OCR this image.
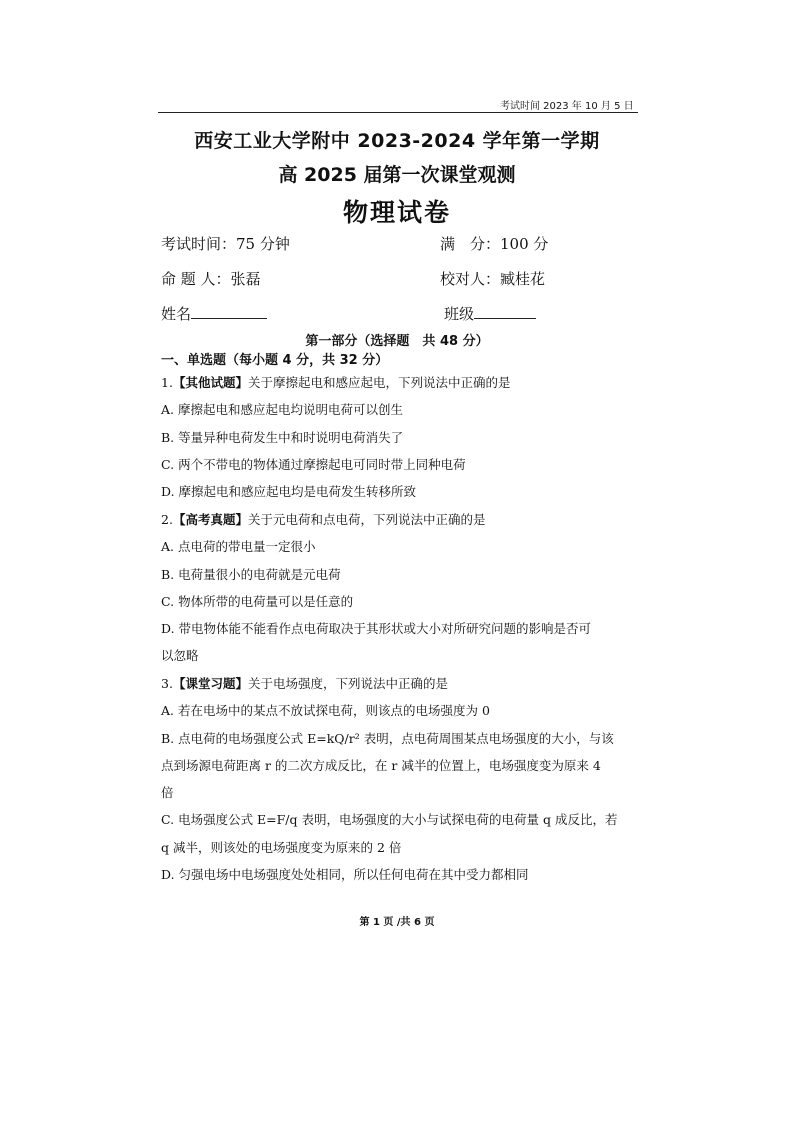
考试时间 2023 年 10 月 5 日
西安工业大学附中 2023-2024 学年第一学期
高 2025 届第一次课堂观测
物理试卷
考试时间：75 分钟	满　分：100 分
命 题 人：张磊	校对人：臧桂花
姓名	班级
第一部分（选择题　共 48 分）
一、单选题（每小题 4 分，共 32 分）
1.【其他试题】关于摩擦起电和感应起电，下列说法中正确的是
A. 摩擦起电和感应起电均说明电荷可以创生
B. 等量异种电荷发生中和时说明电荷消失了
C. 两个不带电的物体通过摩擦起电可同时带上同种电荷
D. 摩擦起电和感应起电均是电荷发生转移所致
2.【高考真题】关于元电荷和点电荷，下列说法中正确的是
A. 点电荷的带电量一定很小
B. 电荷量很小的电荷就是元电荷
C. 物体所带的电荷量可以是任意的
D. 带电物体能不能看作点电荷取决于其形状或大小对所研究问题的影响是否可
以忽略
3.【课堂习题】关于电场强度，下列说法中正确的是
A. 若在电场中的某点不放试探电荷，则该点的电场强度为 0
B. 点电荷的电场强度公式 E=kQ/r² 表明，点电荷周围某点电场强度的大小，与该
点到场源电荷距离 r 的二次方成反比，在 r 减半的位置上，电场强度变为原来 4
倍
C. 电场强度公式 E=F/q 表明，电场强度的大小与试探电荷的电荷量 q 成反比，若
q 减半，则该处的电场强度变为原来的 2 倍
D. 匀强电场中电场强度处处相同，所以任何电荷在其中受力都相同
第 1 页 /共 6 页
